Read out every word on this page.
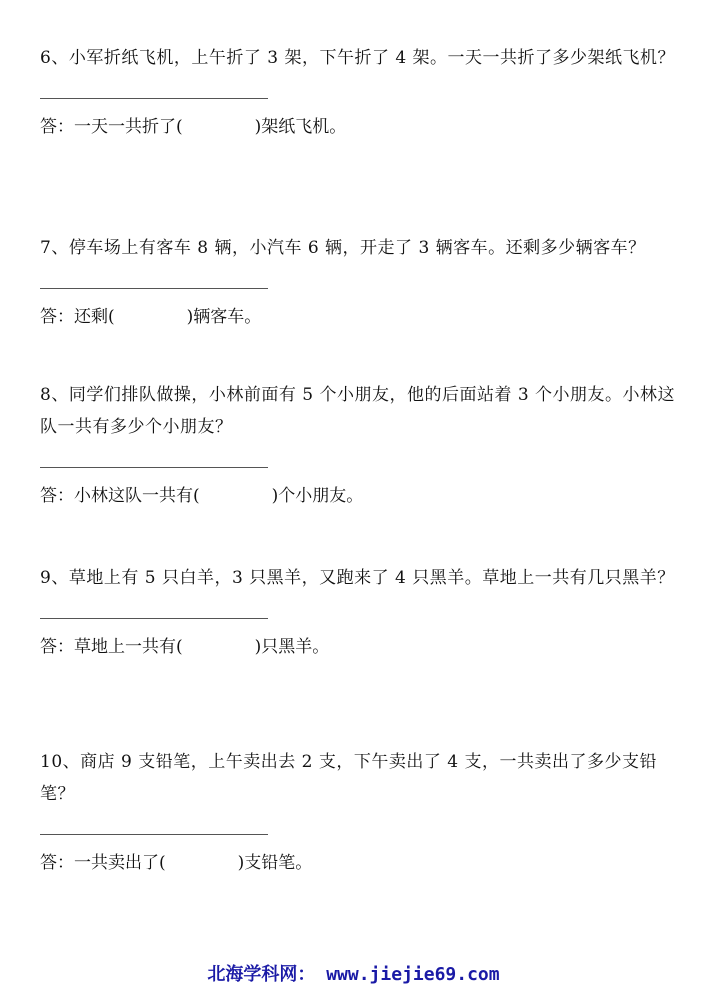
6、小军折纸飞机，上午折了 3 架，下午折了 4 架。一天一共折了多少架纸飞机？

答：一天一共折了(	)架纸飞机。

7、停车场上有客车 8 辆，小汽车 6 辆，开走了 3 辆客车。还剩多少辆客车？

答：还剩(	)辆客车。

8、同学们排队做操，小林前面有 5 个小朋友，他的后面站着 3 个小朋友。小林这队一共有多少个小朋友？

答：小林这队一共有(	)个小朋友。

9、草地上有 5 只白羊，3 只黑羊，又跑来了 4 只黑羊。草地上一共有几只黑羊？

答：草地上一共有(	)只黑羊。

10、商店 9 支铅笔，上午卖出去 2 支，下午卖出了 4 支，一共卖出了多少支铅笔？

答：一共卖出了(	)支铅笔。
北海学科网： www.jiejie69.com
